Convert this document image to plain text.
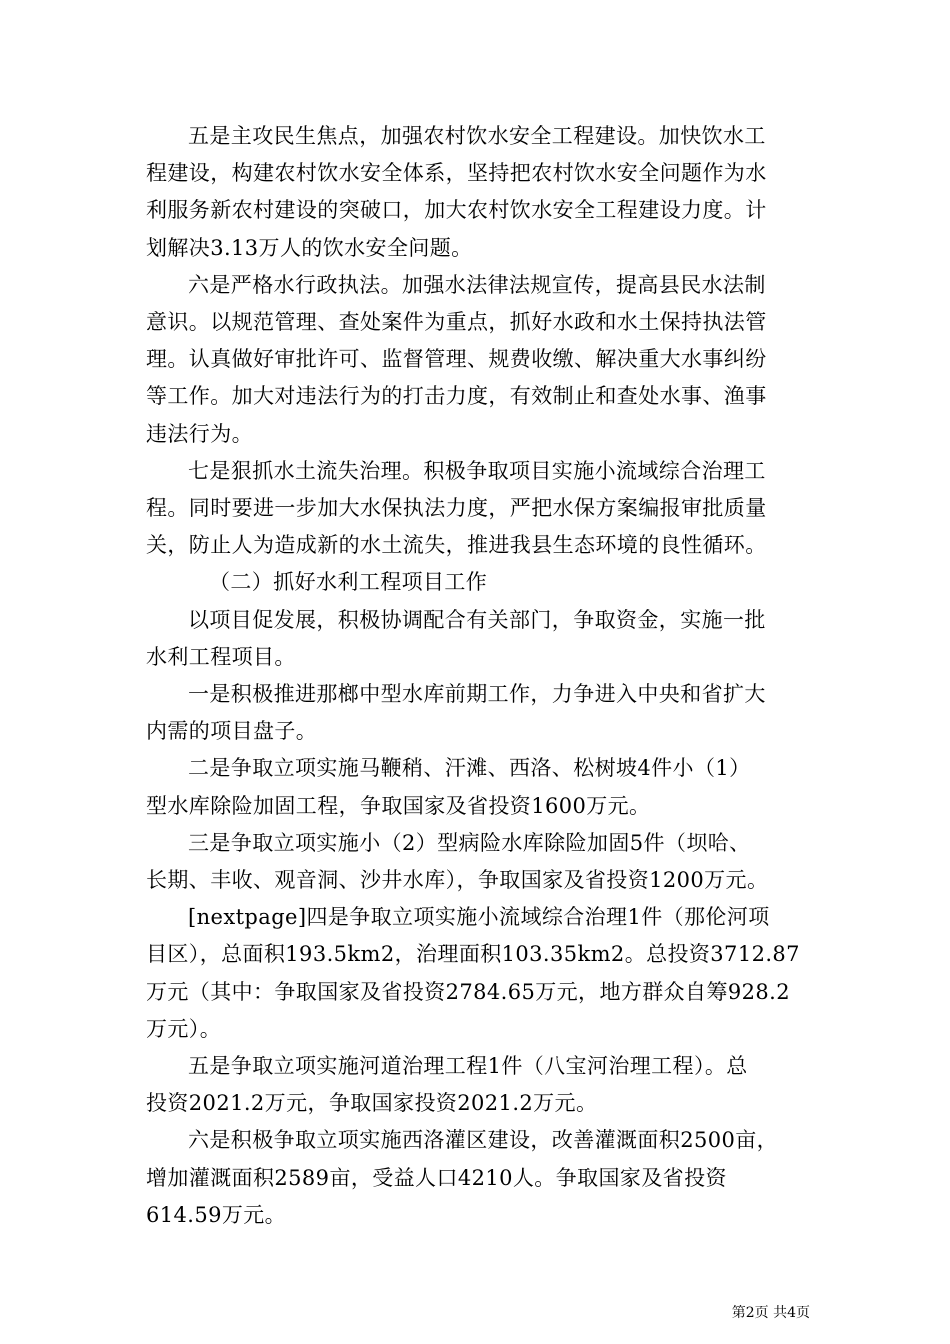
五是主攻民生焦点，加强农村饮水安全工程建设。加快饮水工
程建设，构建农村饮水安全体系，坚持把农村饮水安全问题作为水
利服务新农村建设的突破口，加大农村饮水安全工程建设力度。计
划解决3.13万人的饮水安全问题。

六是严格水行政执法。加强水法律法规宣传，提高县民水法制
意识。以规范管理、查处案件为重点，抓好水政和水土保持执法管
理。认真做好审批许可、监督管理、规费收缴、解决重大水事纠纷
等工作。加大对违法行为的打击力度，有效制止和查处水事、渔事
违法行为。

七是狠抓水土流失治理。积极争取项目实施小流域综合治理工
程。同时要进一步加大水保执法力度，严把水保方案编报审批质量
关，防止人为造成新的水土流失，推进我县生态环境的良性循环。

（二）抓好水利工程项目工作

以项目促发展，积极协调配合有关部门，争取资金，实施一批
水利工程项目。

一是积极推进那榔中型水库前期工作，力争进入中央和省扩大
内需的项目盘子。

二是争取立项实施马鞭稍、汗滩、西洛、松树坡4件小（1）
型水库除险加固工程，争取国家及省投资1600万元。

三是争取立项实施小（2）型病险水库除险加固5件（坝哈、
长期、丰收、观音洞、沙井水库），争取国家及省投资1200万元。

[nextpage]四是争取立项实施小流域综合治理1件（那伦河项
目区），总面积193.5km2，治理面积103.35km2。总投资3712.87
万元（其中：争取国家及省投资2784.65万元，地方群众自筹928.2
万元）。

五是争取立项实施河道治理工程1件（八宝河治理工程）。总
投资2021.2万元，争取国家投资2021.2万元。

六是积极争取立项实施西洛灌区建设，改善灌溉面积2500亩，
增加灌溉面积2589亩，受益人口4210人。争取国家及省投资
614.59万元。

第2页 共4页
